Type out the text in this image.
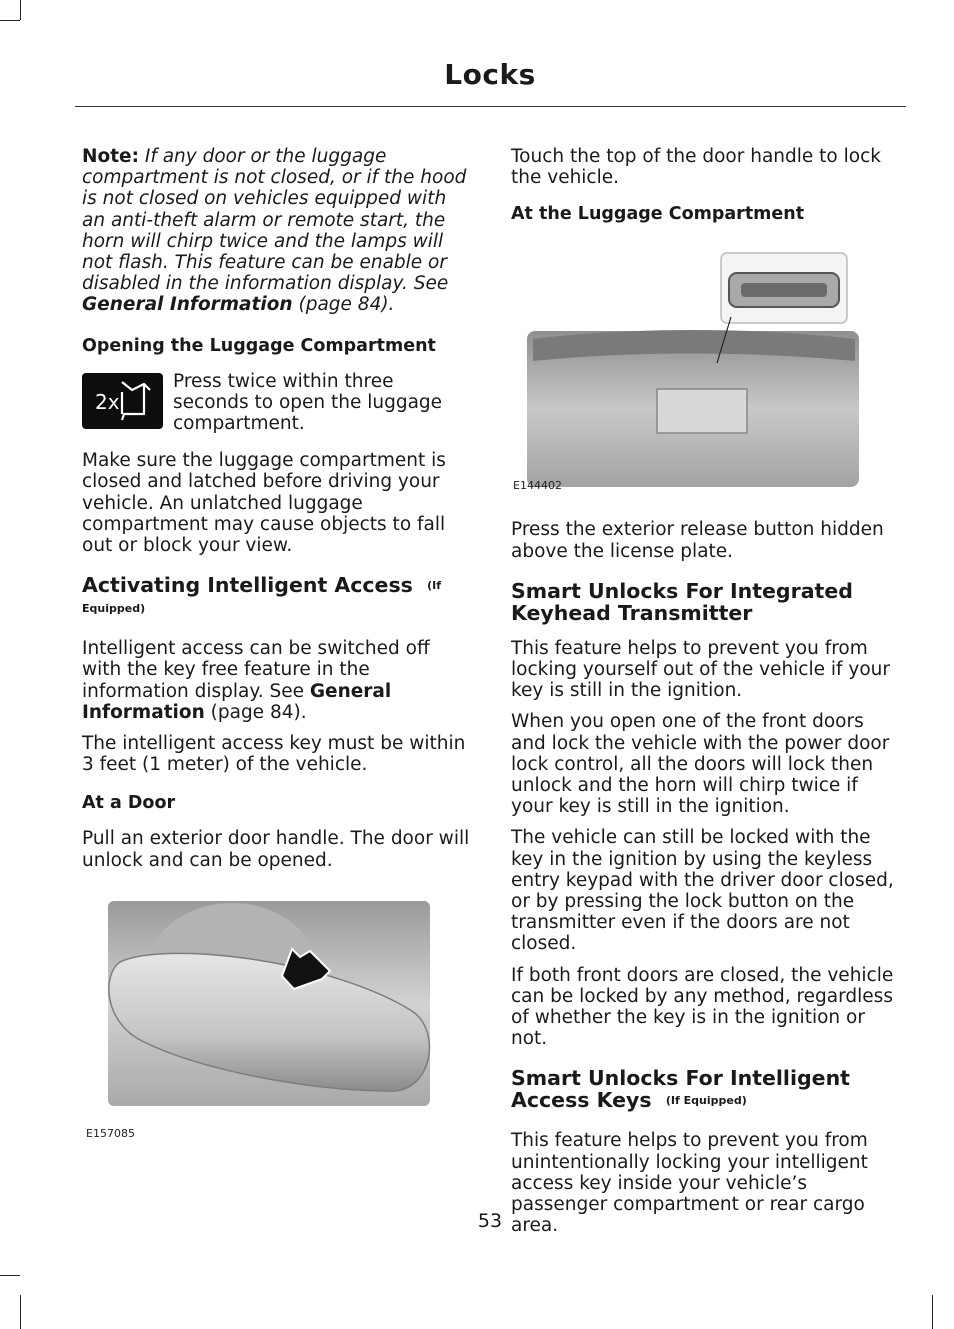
Locks

Note: If any door or the luggage compartment is not closed, or if the hood is not closed on vehicles equipped with an anti-theft alarm or remote start, the horn will chirp twice and the lamps will not flash. This feature can be enable or disabled in the information display. See General Information (page 84).

Opening the Luggage Compartment
2x

Press twice within three seconds to open the luggage compartment.

Make sure the luggage compartment is closed and latched before driving your vehicle. An unlatched luggage compartment may cause objects to fall out or block your view.

Activating Intelligent Access (If Equipped)

Intelligent access can be switched off with the key free feature in the information display. See General Information (page 84).

The intelligent access key must be within 3 feet (1 meter) of the vehicle.

At a Door

Pull an exterior door handle. The door will unlock and can be opened.

E157085

Touch the top of the door handle to lock the vehicle.

At the Luggage Compartment
E144402

Press the exterior release button hidden above the license plate.

Smart Unlocks For Integrated Keyhead Transmitter

This feature helps to prevent you from locking yourself out of the vehicle if your key is still in the ignition.

When you open one of the front doors and lock the vehicle with the power door lock control, all the doors will lock then unlock and the horn will chirp twice if your key is still in the ignition.

The vehicle can still be locked with the key in the ignition by using the keyless entry keypad with the driver door closed, or by pressing the lock button on the transmitter even if the doors are not closed.

If both front doors are closed, the vehicle can be locked by any method, regardless of whether the key is in the ignition or not.

Smart Unlocks For Intelligent Access Keys (If Equipped)

This feature helps to prevent you from unintentionally locking your intelligent access key inside your vehicle’s passenger compartment or rear cargo area.

53
